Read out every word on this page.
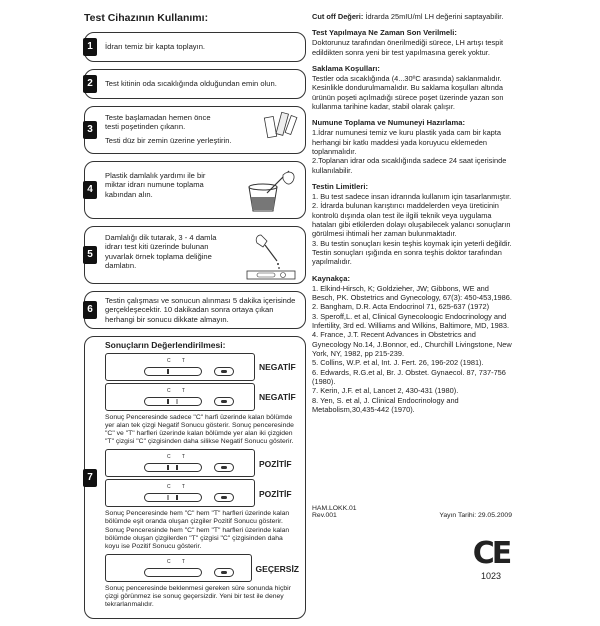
Test Cihazının Kullanımı:
1	İdrarı temiz bir kapta toplayın.
2	Test kitinin oda sıcaklığında olduğundan emin olun.
3
Teste başlamadan hemen önce testi poşetinden çıkarın.
Testi düz bir zemin üzerine yerleştirin.
4
Plastik damlalık yardımı ile bir miktar idrarı numune toplama kabından alın.
5
Damlalığı dik tutarak, 3 - 4 damla idrarı test kiti üzerinde bulunan yuvarlak örnek toplama deliğine damlatın.
6
Testin çalışması ve sonucun alınması 5 dakika içerisinde gerçekleşecektir. 10 dakikadan sonra ortaya çıkan herhangi bir sonucu dikkate almayın.
7
Sonuçların Değerlendirilmesi:
C T
NEGATİF
C T
NEGATİF
Sonuç Penceresinde sadece "C" harfi üzerinde kalan bölümde yer alan tek çizgi Negatif Sonucu gösterir. Sonuç penceresinde "C" ve "T" harfleri üzerinde kalan bölümde yer alan iki çizgiden "T" çizgisi "C" çizgisinden daha silikse Negatif Sonucu gösterir.
C T
POZİTİF
C T
POZİTİF
Sonuç Penceresinde hem "C" hem "T" harfleri üzerinde kalan bölümde eşit oranda oluşan çizgiler Pozitif Sonucu gösterir. Sonuç Penceresinde hem "C" hem "T" harfleri üzerinde kalan bölümde oluşan çizgilerden "T" çizgisi "C" çizgisinden daha koyu ise Pozitif Sonucu gösterir.
C T
GEÇERSİZ
Sonuç penceresinde beklenmesi gereken süre sonunda hiçbir çizgi görünmez ise sonuç geçersizdir. Yeni bir test ile deney tekrarlanmalıdır.
Cut off Değeri: İdrarda 25mIU/ml LH değerini saptayabilir.
Test Yapılmaya Ne Zaman Son Verilmeli:
Doktorunuz tarafından önerilmediği sürece, LH artışı tespit edildikten sonra yeni bir test yapılmasına gerek yoktur.
Saklama Koşulları:
Testler oda sıcaklığında (4...30ºC arasında) saklanmalıdır. Kesinlikle dondurulmamalıdır. Bu saklama koşulları altında ürünün poşeti açılmadığı sürece poşet üzerinde yazan son kullanma tarihine kadar, stabil olarak çalışır.
Numune Toplama ve Numuneyi Hazırlama:
1.İdrar numunesi temiz ve kuru plastik yada cam bir kapta herhangi bir katkı maddesi yada koruyucu eklemeden toplanmalıdır.
2.Toplanan idrar oda sıcaklığında sadece 24 saat içerisinde kullanılabilir.
Testin Limitleri:
1. Bu test sadece insan idrarında kullanım için tasarlanmıştır.
2. İdrarda bulunan karıştırıcı maddelerden veya üreticinin kontrolü dışında olan test ile ilgili teknik veya uygulama hataları gibi etkilerden dolayı oluşabilecek yalancı sonuçların görülmesi ihtimali her zaman bulunmaktadır.
3. Bu testin sonuçları kesin teşhis koymak için yeterli değildir. Testin sonuçları ışığında en sonra teşhis doktor tarafından yapılmalıdır.
Kaynakça:
1. Elkind-Hirsch, K; Goldzieher, JW; Gibbons, WE and Besch, PK. Obstetrics and Gynecology, 67(3): 450-453,1986.
2. Bangham, D.R. Acta Endocrinol 71, 625-637 (1972)
3. Speroff,L. et al, Clinical Gynecoloogic Endocrinology and Infertility, 3rd ed. Williams and Wilkins, Baltimore, MD, 1983.
4. France, J.T. Recent Advances in Obstetrics and Gynecology No.14, J.Bonnor, ed., Churchill Livingstone, New York, NY, 1982, pp 215-239.
5. Collins, W.P. et al, Int. J. Fert. 26, 196-202 (1981).
6. Edwards, R.G.et al, Br. J. Obstet. Gynaecol. 87, 737-756 (1980).
7. Kerin, J.F. et al, Lancet 2, 430-431 (1980).
8. Yen, S. et al, J. Clinical Endocrinology and Metabolism,30,435-442 (1970).
HAM.LOKK.01
Rev.001	Yayın Tarihi: 29.05.2009
CE
1023
